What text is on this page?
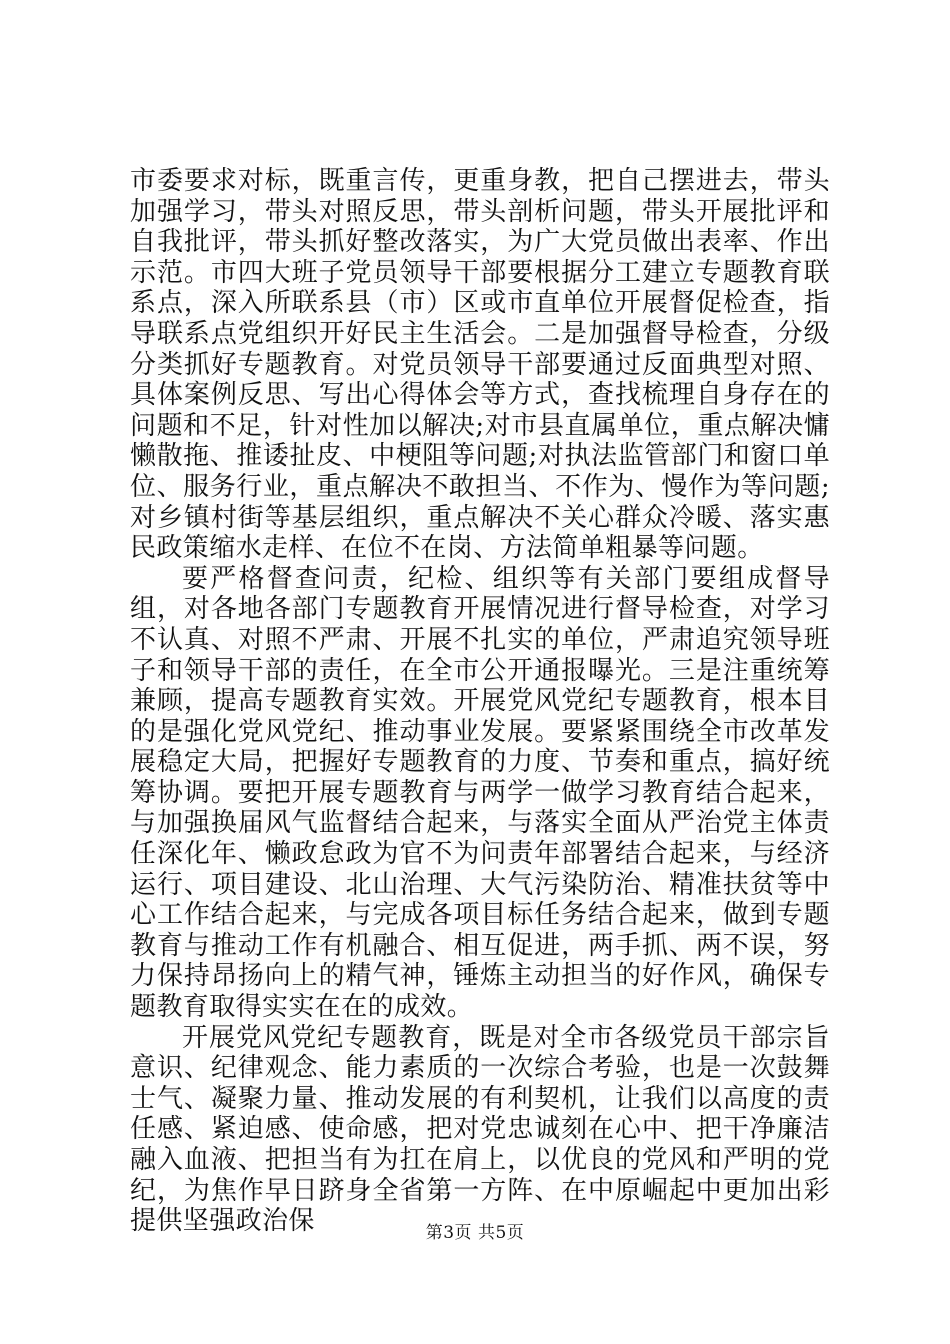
市委要求对标，既重言传，更重身教，把自己摆进去，带头加强学习，带头对照反思，带头剖析问题，带头开展批评和自我批评，带头抓好整改落实，为广大党员做出表率、作出示范。市四大班子党员领导干部要根据分工建立专题教育联系点，深入所联系县（市）区或市直单位开展督促检查，指导联系点党组织开好民主生活会。二是加强督导检查，分级分类抓好专题教育。对党员领导干部要通过反面典型对照、具体案例反思、写出心得体会等方式，查找梳理自身存在的问题和不足，针对性加以解决;对市县直属单位，重点解决慵懒散拖、推诿扯皮、中梗阻等问题;对执法监管部门和窗口单位、服务行业，重点解决不敢担当、不作为、慢作为等问题;对乡镇村街等基层组织，重点解决不关心群众冷暖、落实惠民政策缩水走样、在位不在岗、方法简单粗暴等问题。

要严格督查问责，纪检、组织等有关部门要组成督导组，对各地各部门专题教育开展情况进行督导检查，对学习不认真、对照不严肃、开展不扎实的单位，严肃追究领导班子和领导干部的责任，在全市公开通报曝光。三是注重统筹兼顾，提高专题教育实效。开展党风党纪专题教育，根本目的是强化党风党纪、推动事业发展。要紧紧围绕全市改革发展稳定大局，把握好专题教育的力度、节奏和重点，搞好统筹协调。要把开展专题教育与两学一做学习教育结合起来，与加强换届风气监督结合起来，与落实全面从严治党主体责任深化年、懒政怠政为官不为问责年部署结合起来，与经济运行、项目建设、北山治理、大气污染防治、精准扶贫等中心工作结合起来，与完成各项目标任务结合起来，做到专题教育与推动工作有机融合、相互促进，两手抓、两不误，努力保持昂扬向上的精气神，锤炼主动担当的好作风，确保专题教育取得实实在在的成效。

开展党风党纪专题教育，既是对全市各级党员干部宗旨意识、纪律观念、能力素质的一次综合考验，也是一次鼓舞士气、凝聚力量、推动发展的有利契机，让我们以高度的责任感、紧迫感、使命感，把对党忠诚刻在心中、把干净廉洁融入血液、把担当有为扛在肩上，以优良的党风和严明的党纪，为焦作早日跻身全省第一方阵、在中原崛起中更加出彩提供坚强政治保	第3页 共5页
